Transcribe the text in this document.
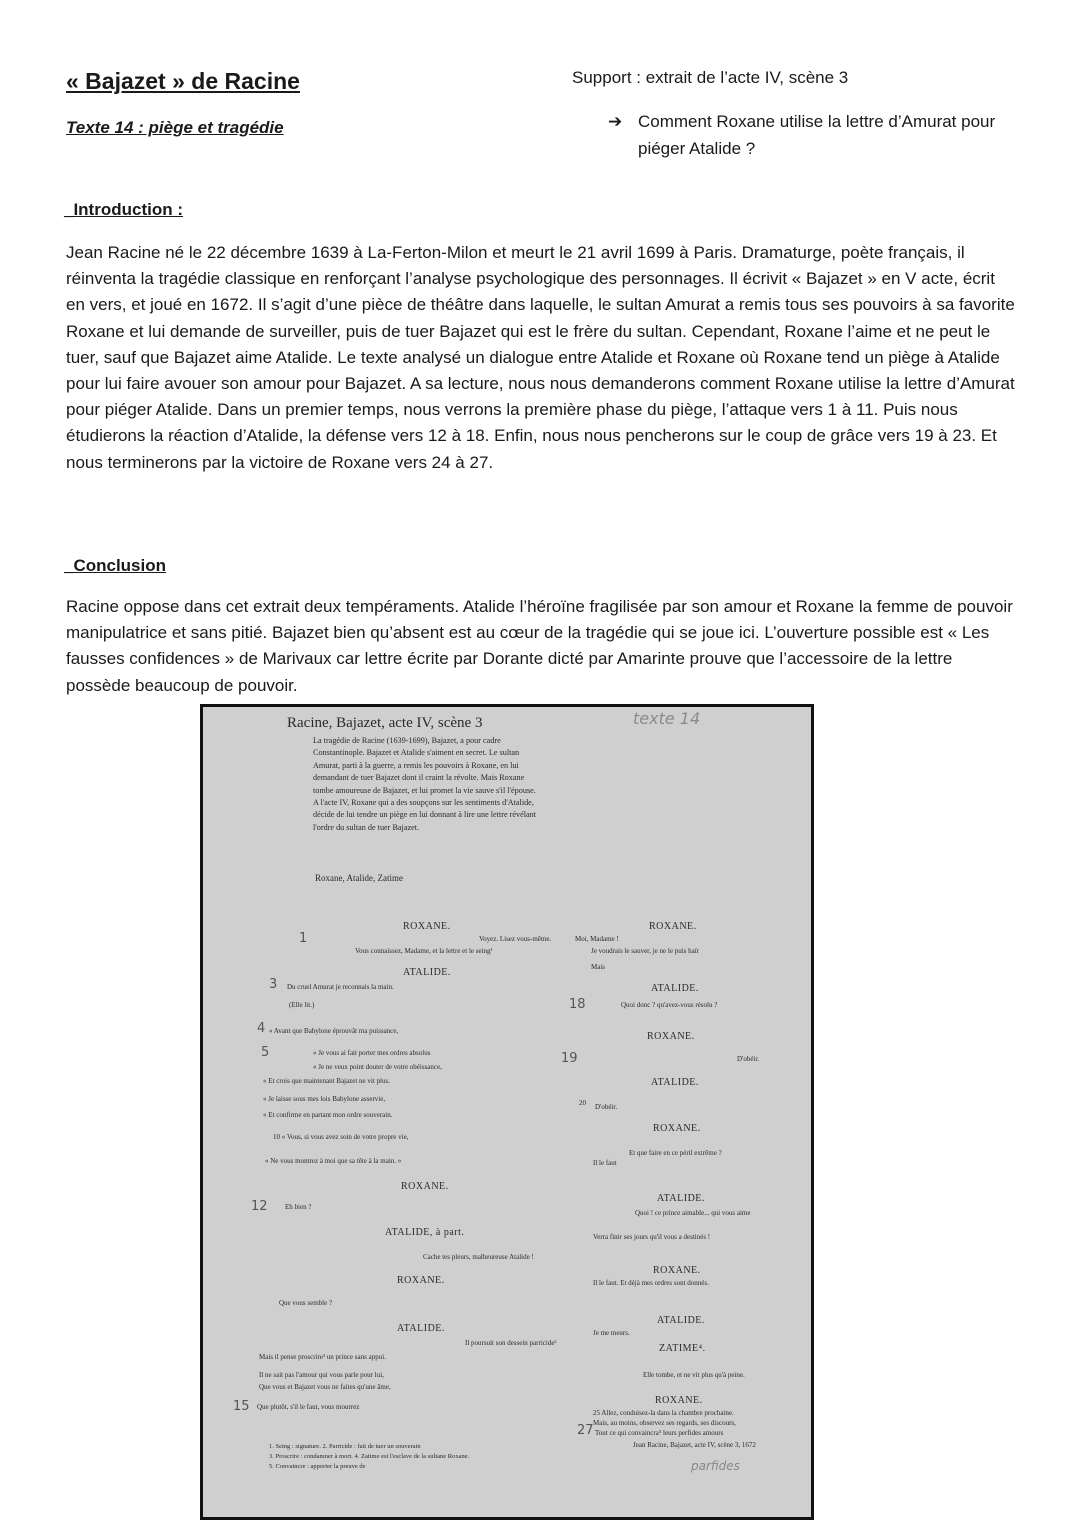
« Bajazet » de Racine
Texte 14 : piège et tragédie
Support : extrait de l’acte IV, scène 3
➔ Comment Roxane utilise la lettre d’Amurat pour piéger Atalide ?
_Introduction :
Jean Racine né le 22 décembre 1639 à La-Ferton-Milon et meurt le 21 avril 1699 à Paris. Dramaturge, poète français, il réinventa la tragédie classique en renforçant l’analyse psychologique des personnages. Il écrivit « Bajazet » en V acte, écrit en vers, et joué en 1672. Il s’agit d’une pièce de théâtre dans laquelle, le sultan Amurat a remis tous ses pouvoirs à sa favorite Roxane et lui demande de surveiller, puis de tuer Bajazet qui est le frère du sultan. Cependant, Roxane l’aime et ne peut le tuer, sauf que Bajazet aime Atalide. Le texte analysé un dialogue entre Atalide et Roxane où Roxane tend un piège à Atalide pour lui faire avouer son amour pour Bajazet. A sa lecture, nous nous demanderons comment Roxane utilise la lettre d’Amurat pour piéger Atalide. Dans un premier temps, nous verrons la première phase du piège, l’attaque vers 1 à 11. Puis nous étudierons la réaction d’Atalide, la défense vers 12 à 18. Enfin, nous nous pencherons sur le coup de grâce vers 19 à 23. Et nous terminerons par la victoire de Roxane vers 24 à 27.
_Conclusion
Racine oppose dans cet extrait deux tempéraments. Atalide l’héroïne fragilisée par son amour et Roxane la femme de pouvoir manipulatrice et sans pitié. Bajazet bien qu’absent est au cœur de la tragédie qui se joue ici. L’ouverture possible est « Les fausses confidences » de Marivaux car lettre écrite par Dorante dicté par Amarinte prouve que l’accessoire de la lettre possède beaucoup de pouvoir.
Racine, Bajazet, acte IV, scène 3	texte 14
La tragédie de Racine (1639-1699), Bajazet, a pour cadre Constantinople. Bajazet et Atalide s'aiment en secret. Le sultan Amurat, parti à la guerre, a remis les pouvoirs à Roxane, en lui demandant de tuer Bajazet dont il craint la révolte. Mais Roxane tombe amoureuse de Bajazet, et lui promet la vie sauve s'il l'épouse. A l'acte IV, Roxane qui a des soupçons sur les sentiments d'Atalide, décide de lui tendre un piège en lui donnant à lire une lettre révélant l'ordre du sultan de tuer Bajazet.
Roxane, Atalide, Zatime
ROXANE.
1	Voyez. Lisez vous-même.
Vous connaissez, Madame, et la lettre et le seing¹
ATALIDE.
3 Du cruel Amurat je reconnais la main.
(Elle lit.)
4 « Avant que Babylone éprouvât ma puissance,
5	« Je vous ai fait porter mes ordres absolus
« Je ne veux point douter de votre obéissance,
« Et crois que maintenant Bajazet ne vit plus.
« Je laisse sous mes lois Babylone asservie,
« Et confirme en partant mon ordre souverain.
10 « Vous, si vous avez soin de votre propre vie,
« Ne vous montrez à moi que sa tête à la main. »
ROXANE.
12 Eh bien ?
ATALIDE, à part.
Cache tes pleurs, malheureuse Atalide !
ROXANE.
Que vous semble ?
ATALIDE.
Il poursuit son dessein parricide²
Mais il pense proscrire³ un prince sans appui.
Il ne sait pas l'amour qui vous parle pour lui,
Que vous et Bajazet vous ne faites qu'une âme,
15 Que plutôt, s'il le faut, vous mourrez
1. Seing : signature. 2. Parricide : fait de tuer un souverain
3. Proscrire : condamner à mort. 4. Zatime est l'esclave de la sultane Roxane.
5. Convaincre : apporter la preuve de
ROXANE.
Moi, Madame !
Je voudrais le sauver, je ne le puis haïr
Mais
ATALIDE.
18	Quoi donc ? qu'avez-vous résolu ?
ROXANE.
19	D'obéir.
ATALIDE.
20 D'obéir.
ROXANE.
Et que faire en ce péril extrême ?
Il le faut
ATALIDE.
Quoi ! ce prince aimable... qui vous aime
Verra finir ses jours qu'il vous a destinés !
ROXANE.
Il le faut. Et déjà mes ordres sont donnés.
ATALIDE.
Je me meurs.
ZATIME⁴.
Elle tombe, et ne vit plus qu'à peine.
ROXANE.
25 Allez, conduisez-la dans la chambre prochaine.
Mais, au moins, observez ses regards, ses discours,
27 Tout ce qui convaincra⁵ leurs perfides amours
Jean Racine, Bajazet, acte IV, scène 3, 1672
parfides
